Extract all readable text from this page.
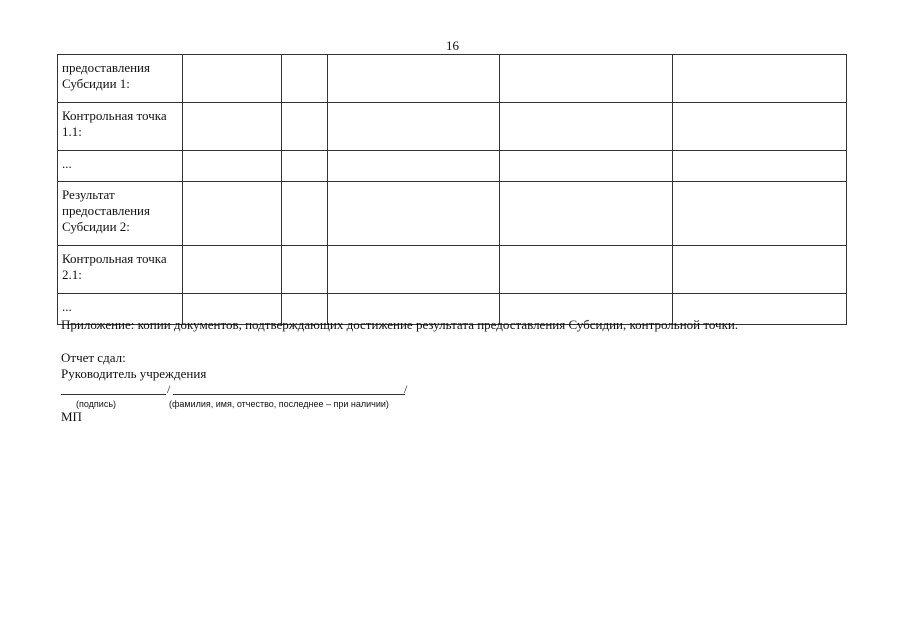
16
предоставления Субсидии 1:					
Контрольная точка 1.1:					
...					
Результат предоставления Субсидии 2:					
Контрольная точка 2.1:					
...					
Приложение: копии документов, подтверждающих достижение результата предоставления Субсидии, контрольной точки.
Отчет сдал:
Руководитель учреждения
/	/
(подпись)	(фамилия, имя, отчество, последнее – при наличии)
МП
